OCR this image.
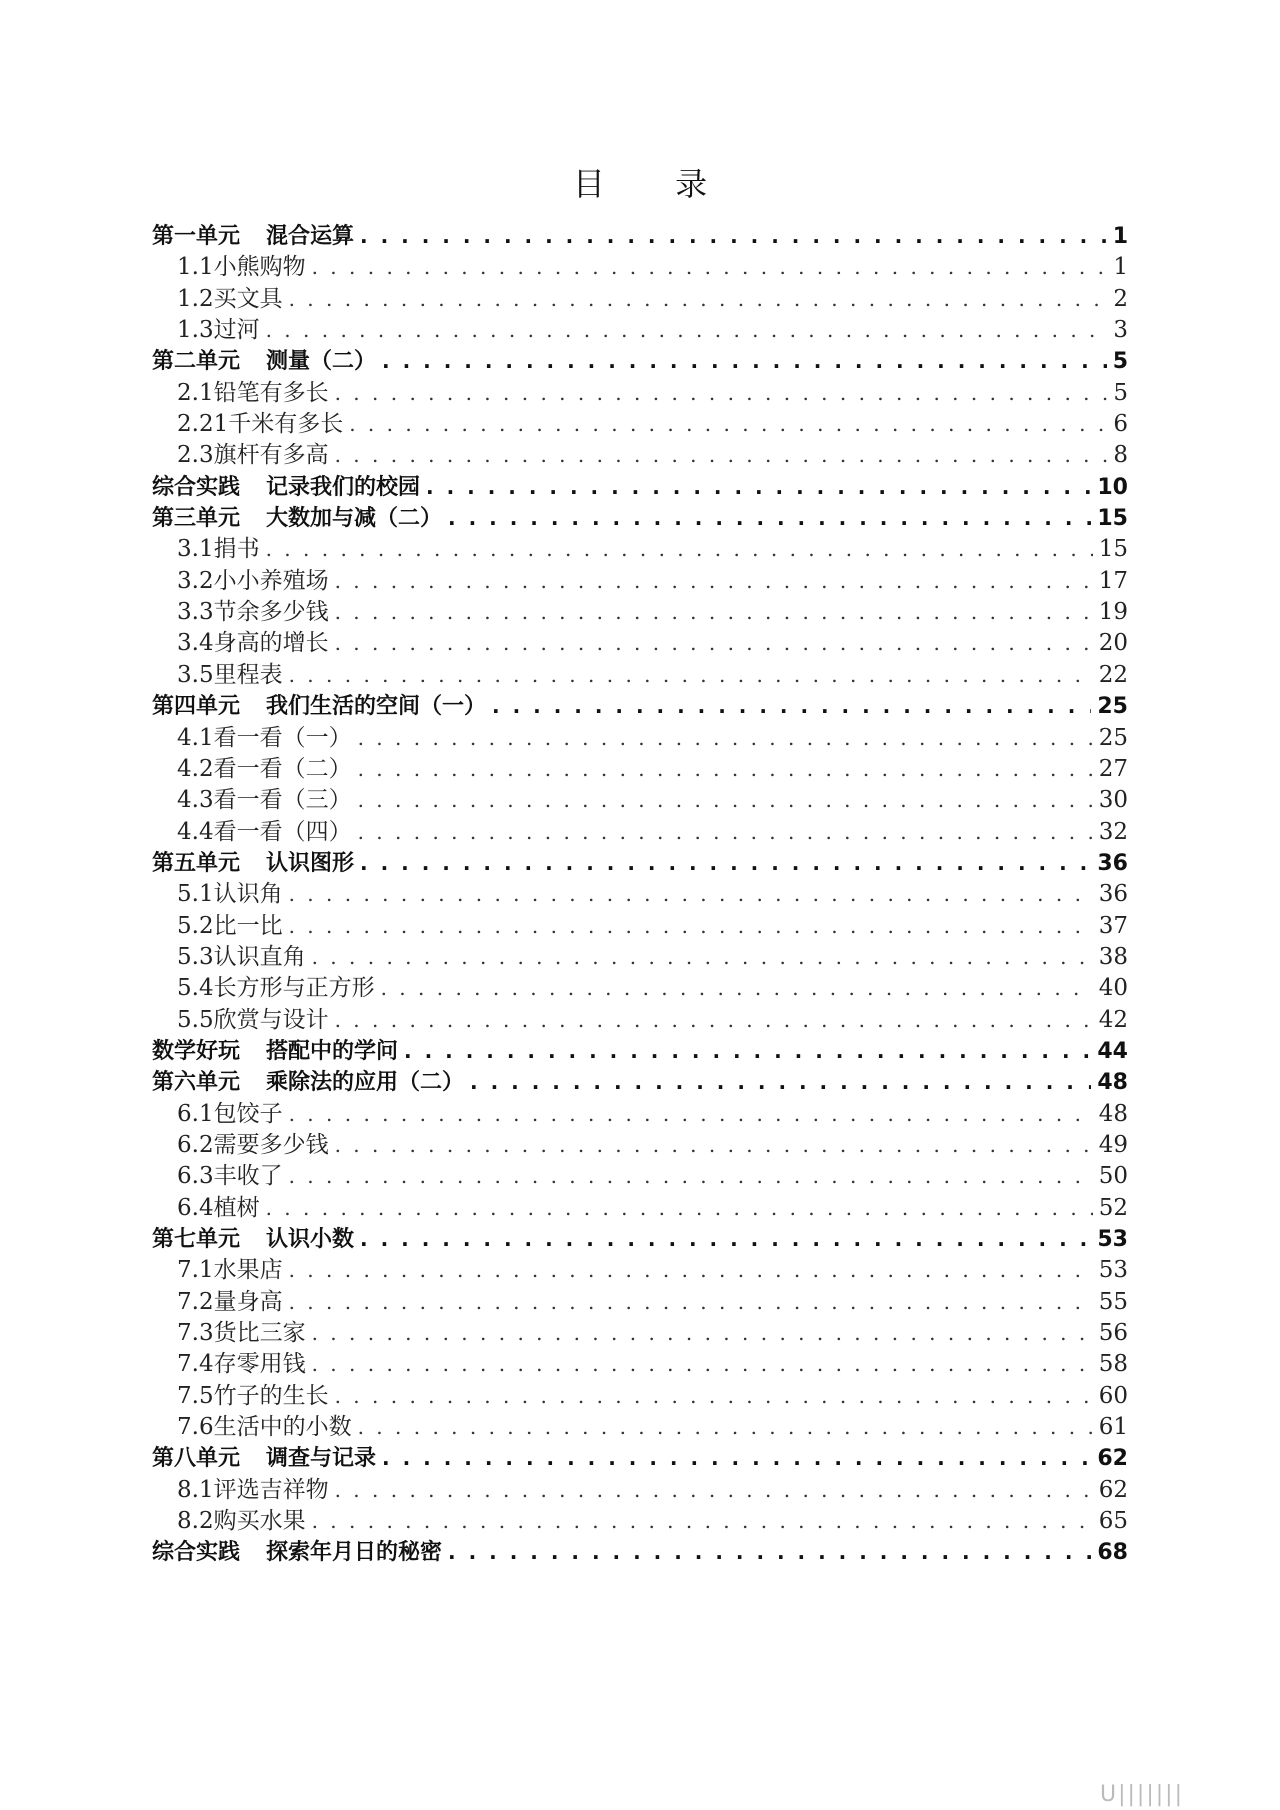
目 录
第一单元 混合运算 . . .	1
1.1 小熊购物 . . .	1
1.2 买文具 . . .	2
1.3 过河 . . .	3
第二单元 测量（二） . . .	5
2.1 铅笔有多长 . . .	5
2.2 1千米有多长 . . .	6
2.3 旗杆有多高 . . .	8
综合实践 记录我们的校园 . . .	10
第三单元 大数加与减（二） . . .	15
3.1 捐书 . . .	15
3.2 小小养殖场 . . .	17
3.3 节余多少钱 . . .	19
3.4 身高的增长 . . .	20
3.5 里程表 . . .	22
第四单元 我们生活的空间（一） . . .	25
4.1 看一看（一） . . .	25
4.2 看一看（二） . . .	27
4.3 看一看（三） . . .	30
4.4 看一看（四） . . .	32
第五单元 认识图形 . . .	36
5.1 认识角 . . .	36
5.2 比一比 . . .	37
5.3 认识直角 . . .	38
5.4 长方形与正方形 . . .	40
5.5 欣赏与设计 . . .	42
数学好玩 搭配中的学问 . . .	44
第六单元 乘除法的应用（二） . . .	48
6.1 包饺子 . . .	48
6.2 需要多少钱 . . .	49
6.3 丰收了 . . .	50
6.4 植树 . . .	52
第七单元 认识小数 . . .	53
7.1 水果店 . . .	53
7.2 量身高 . . .	55
7.3 货比三家 . . .	56
7.4 存零用钱 . . .	58
7.5 竹子的生长 . . .	60
7.6 生活中的小数 . . .	61
第八单元 调查与记录 . . .	62
8.1 评选吉祥物 . . .	62
8.2 购买水果 . . .	65
综合实践 探索年月日的秘密 . . .	68
U|||||||
